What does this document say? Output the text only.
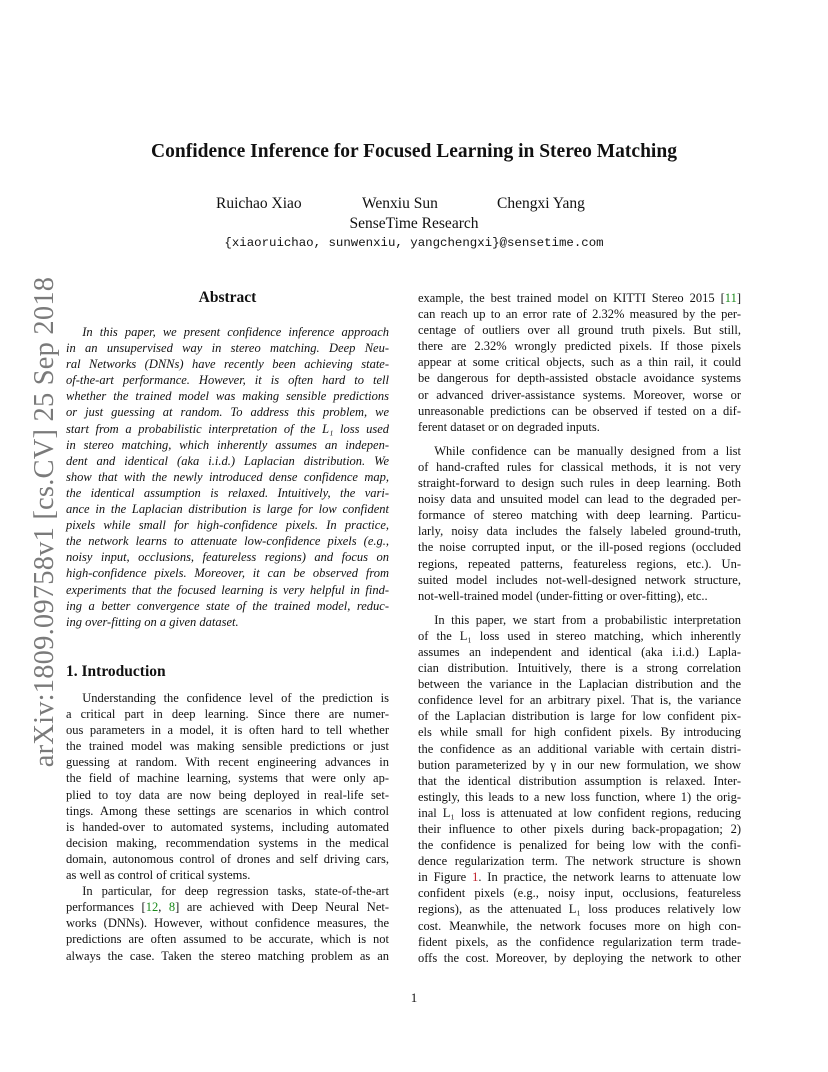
arXiv:1809.09758v1 [cs.CV] 25 Sep 2018
Confidence Inference for Focused Learning in Stereo Matching
Ruichao Xiao	Wenxiu Sun	Chengxi Yang
SenseTime Research
{xiaoruichao, sunwenxiu, yangchengxi}@sensetime.com
Abstract

In this paper, we present confidence inference approach
in an unsupervised way in stereo matching. Deep Neu-
ral Networks (DNNs) have recently been achieving state-
of-the-art performance. However, it is often hard to tell
whether the trained model was making sensible predictions
or just guessing at random. To address this problem, we
start from a probabilistic interpretation of the L₁ loss used
in stereo matching, which inherently assumes an indepen-
dent and identical (aka i.i.d.) Laplacian distribution. We
show that with the newly introduced dense confidence map,
the identical assumption is relaxed. Intuitively, the vari-
ance in the Laplacian distribution is large for low confident
pixels while small for high-confidence pixels. In practice,
the network learns to attenuate low-confidence pixels (e.g.,
noisy input, occlusions, featureless regions) and focus on
high-confidence pixels. Moreover, it can be observed from
experiments that the focused learning is very helpful in find-
ing a better convergence state of the trained model, reduc-
ing over-fitting on a given dataset.

1. Introduction

Understanding the confidence level of the prediction is
a critical part in deep learning. Since there are numer-
ous parameters in a model, it is often hard to tell whether
the trained model was making sensible predictions or just
guessing at random. With recent engineering advances in
the field of machine learning, systems that were only ap-
plied to toy data are now being deployed in real-life set-
tings. Among these settings are scenarios in which control
is handed-over to automated systems, including automated
decision making, recommendation systems in the medical
domain, autonomous control of drones and self driving cars,
as well as control of critical systems.

In particular, for deep regression tasks, state-of-the-art
performances [12, 8] are achieved with Deep Neural Net-
works (DNNs). However, without confidence measures, the
predictions are often assumed to be accurate, which is not
always the case. Taken the stereo matching problem as an

example, the best trained model on KITTI Stereo 2015 [11]
can reach up to an error rate of 2.32% measured by the per-
centage of outliers over all ground truth pixels. But still,
there are 2.32% wrongly predicted pixels. If those pixels
appear at some critical objects, such as a thin rail, it could
be dangerous for depth-assisted obstacle avoidance systems
or advanced driver-assistance systems. Moreover, worse or
unreasonable predictions can be observed if tested on a dif-
ferent dataset or on degraded inputs.

While confidence can be manually designed from a list
of hand-crafted rules for classical methods, it is not very
straight-forward to design such rules in deep learning. Both
noisy data and unsuited model can lead to the degraded per-
formance of stereo matching with deep learning. Particu-
larly, noisy data includes the falsely labeled ground-truth,
the noise corrupted input, or the ill-posed regions (occluded
regions, repeated patterns, featureless regions, etc.). Un-
suited model includes not-well-designed network structure,
not-well-trained model (under-fitting or over-fitting), etc..

In this paper, we start from a probabilistic interpretation
of the L₁ loss used in stereo matching, which inherently
assumes an independent and identical (aka i.i.d.) Lapla-
cian distribution. Intuitively, there is a strong correlation
between the variance in the Laplacian distribution and the
confidence level for an arbitrary pixel. That is, the variance
of the Laplacian distribution is large for low confident pix-
els while small for high confident pixels. By introducing
the confidence as an additional variable with certain distri-
bution parameterized by γ in our new formulation, we show
that the identical distribution assumption is relaxed. Inter-
estingly, this leads to a new loss function, where 1) the orig-
inal L₁ loss is attenuated at low confident regions, reducing
their influence to other pixels during back-propagation; 2)
the confidence is penalized for being low with the confi-
dence regularization term. The network structure is shown
in Figure 1. In practice, the network learns to attenuate low
confident pixels (e.g., noisy input, occlusions, featureless
regions), as the attenuated L₁ loss produces relatively low
cost. Meanwhile, the network focuses more on high con-
fident pixels, as the confidence regularization term trade-
offs the cost. Moreover, by deploying the network to other

1
